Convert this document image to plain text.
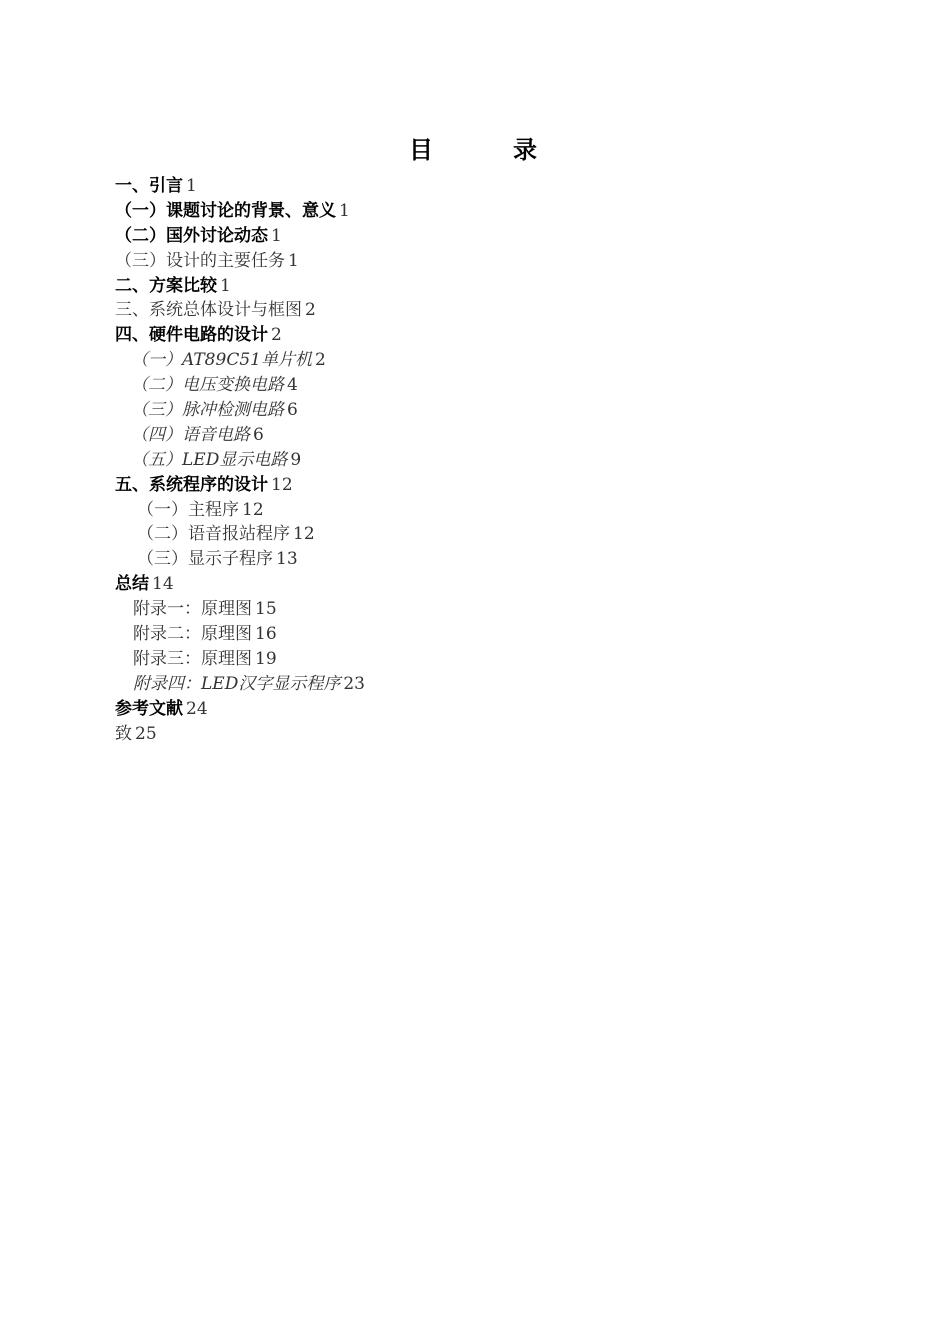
目　录
一、引言 1
（一）课题讨论的背景、意义 1
（二）国外讨论动态 1
（三）设计的主要任务 1
二、方案比较 1
三、系统总体设计与框图 2
四、硬件电路的设计 2
（一）AT89C51单片机 2
（二）电压变换电路 4
（三）脉冲检测电路 6
（四）语音电路 6
（五）LED显示电路 9
五、系统程序的设计 12
（一）主程序 12
（二）语音报站程序 12
（三）显示子程序 13
总结 14
附录一：原理图 15
附录二：原理图 16
附录三：原理图 19
附录四：LED汉字显示程序 23
参考文献 24
致 25
